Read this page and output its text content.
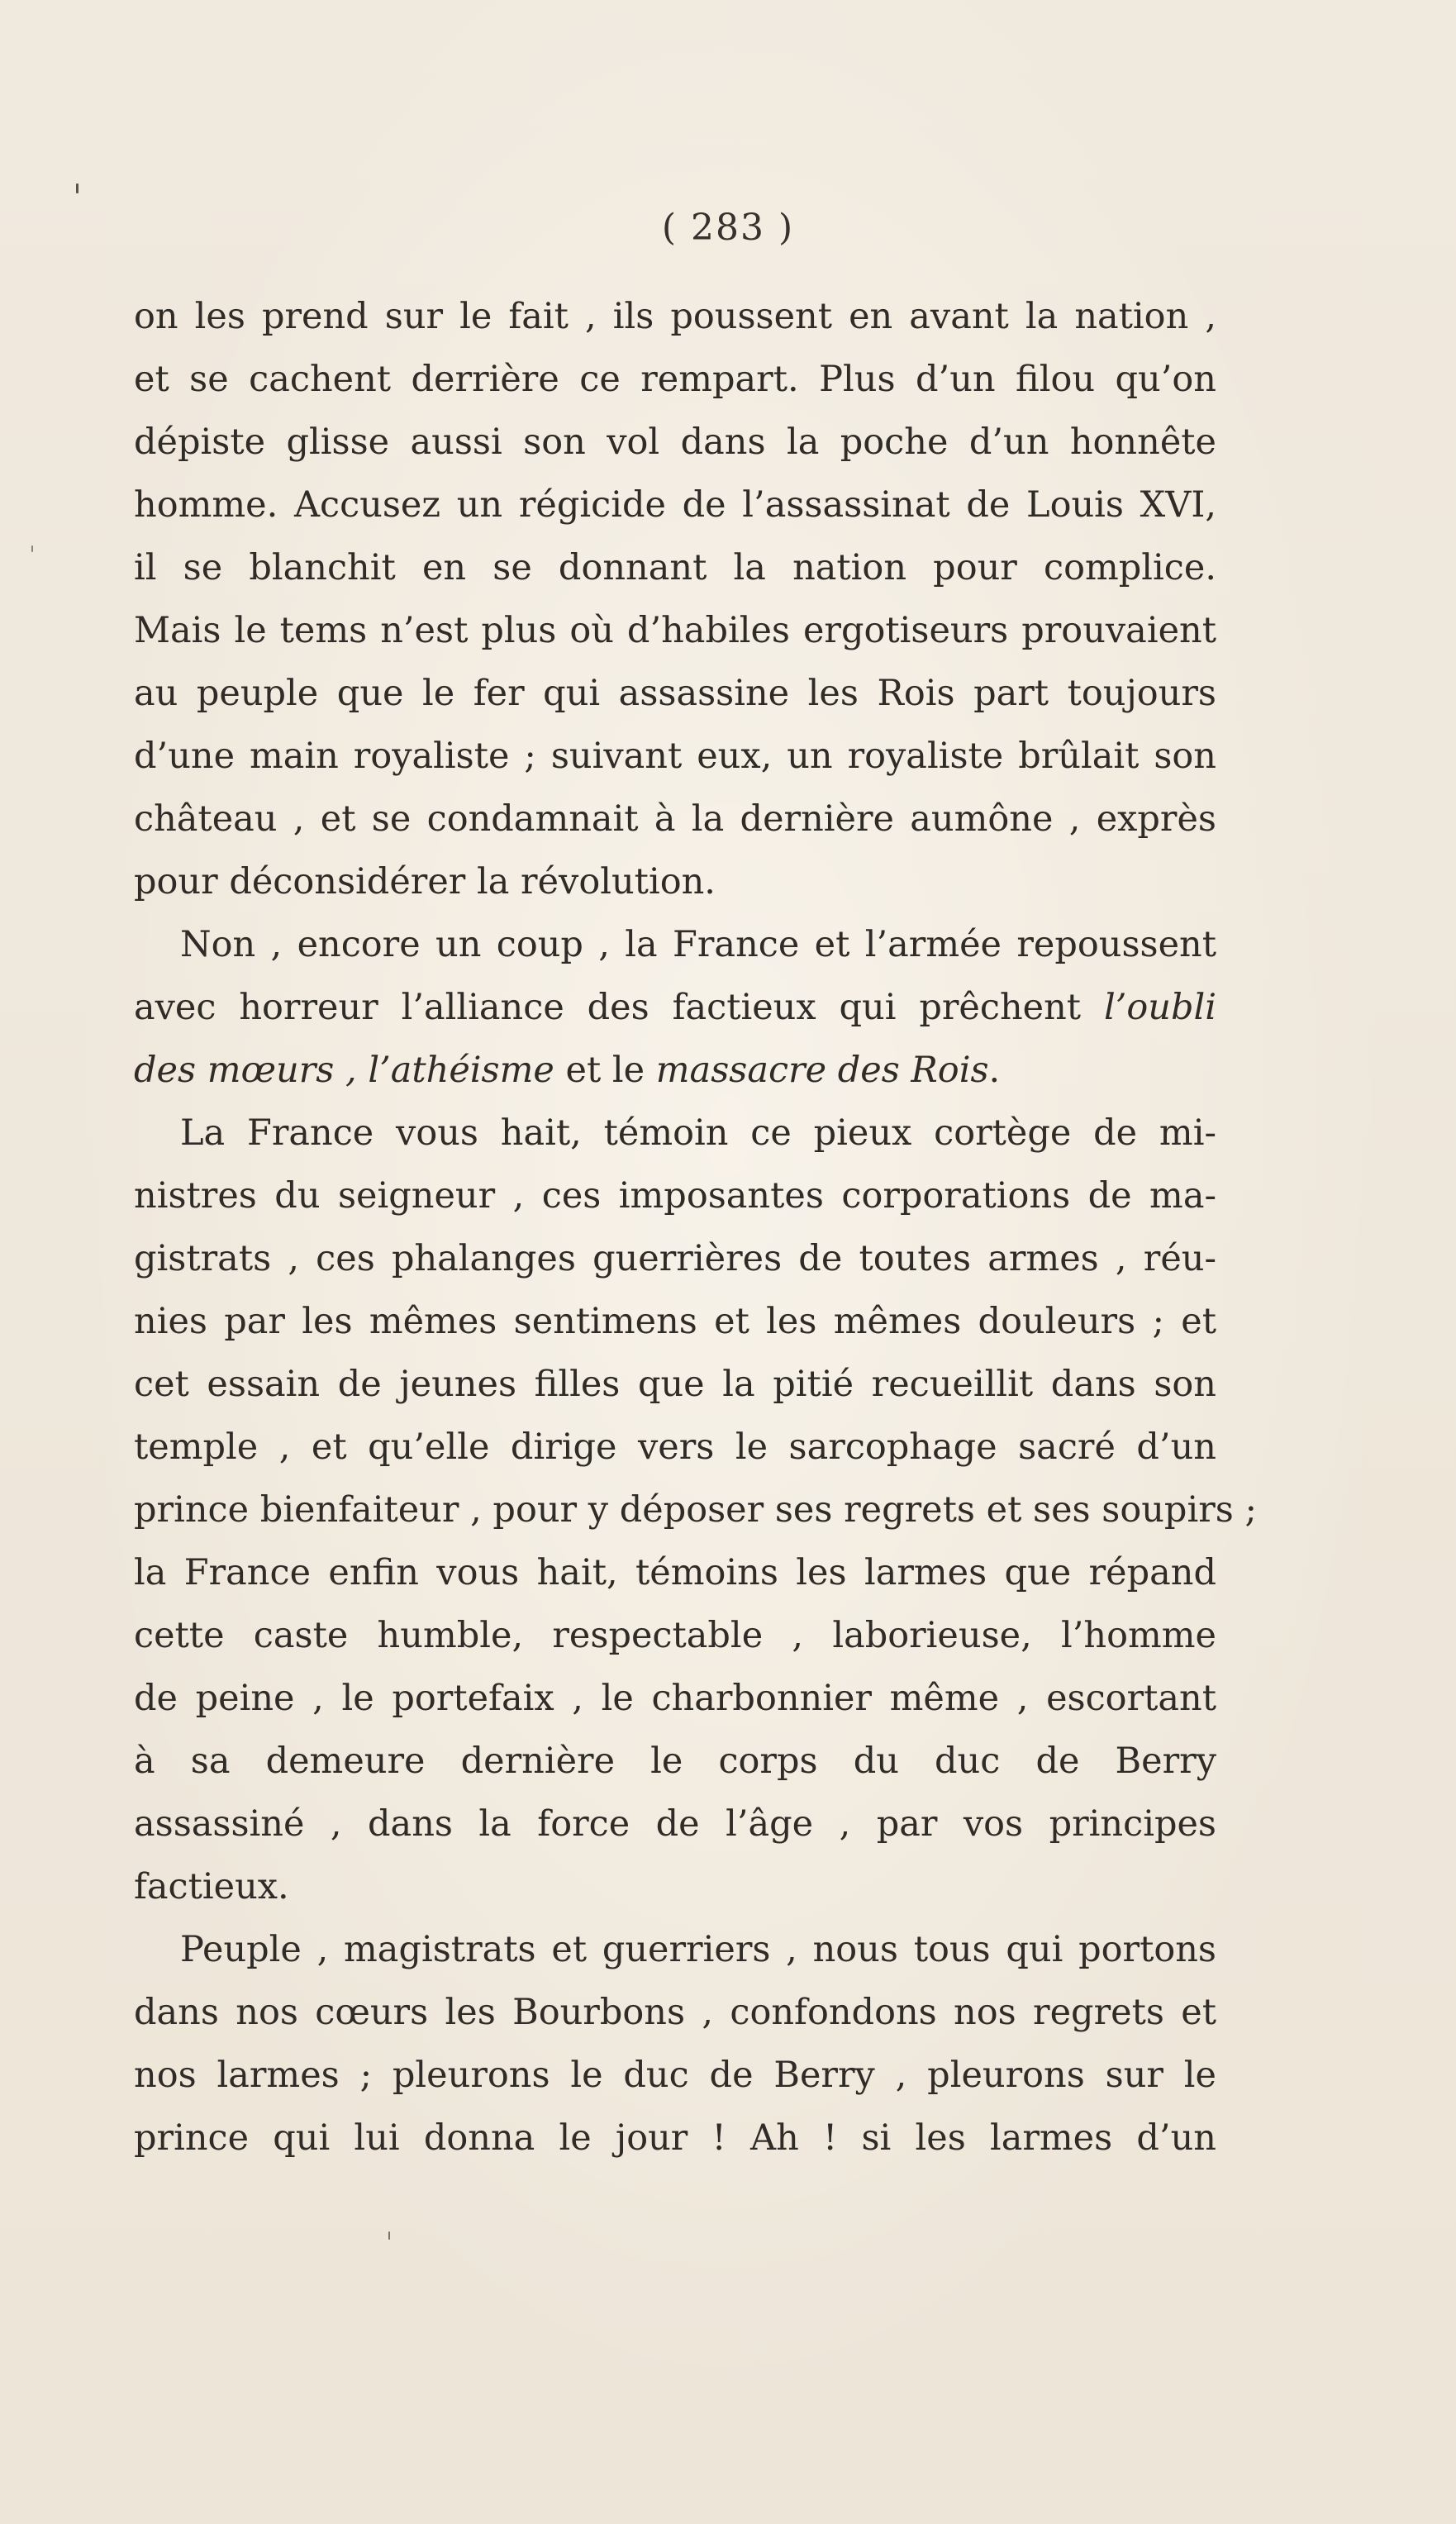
( 283 )
on les prend sur le fait , ils poussent en avant la nation ,
et se cachent derrière ce rempart. Plus d’un filou qu’on
dépiste glisse aussi son vol dans la poche d’un honnête
homme. Accusez un régicide de l’assassinat de Louis XVI,
il se blanchit en se donnant la nation pour complice.
Mais le tems n’est plus où d’habiles ergotiseurs prouvaient
au peuple que le fer qui assassine les Rois part toujours
d’une main royaliste ; suivant eux, un royaliste brûlait son
château , et se condamnait à la dernière aumône , exprès
pour déconsidérer la révolution.
Non , encore un coup , la France et l’armée repoussent
avec horreur l’alliance des factieux qui prêchent l’oubli
des mœurs , l’athéisme et le massacre des Rois.
La France vous hait, témoin ce pieux cortège de mi-
nistres du seigneur , ces imposantes corporations de ma-
gistrats , ces phalanges guerrières de toutes armes , réu-
nies par les mêmes sentimens et les mêmes douleurs ; et
cet essain de jeunes filles que la pitié recueillit dans son
temple , et qu’elle dirige vers le sarcophage sacré d’un
prince bienfaiteur , pour y déposer ses regrets et ses soupirs ;
la France enfin vous hait, témoins les larmes que répand
cette caste humble, respectable , laborieuse, l’homme
de peine , le portefaix , le charbonnier même , escortant
à sa demeure dernière le corps du duc de Berry
assassiné , dans la force de l’âge , par vos principes
factieux.
Peuple , magistrats et guerriers , nous tous qui portons
dans nos cœurs les Bourbons , confondons nos regrets et
nos larmes ; pleurons le duc de Berry , pleurons sur le
prince qui lui donna le jour ! Ah ! si les larmes d’un
